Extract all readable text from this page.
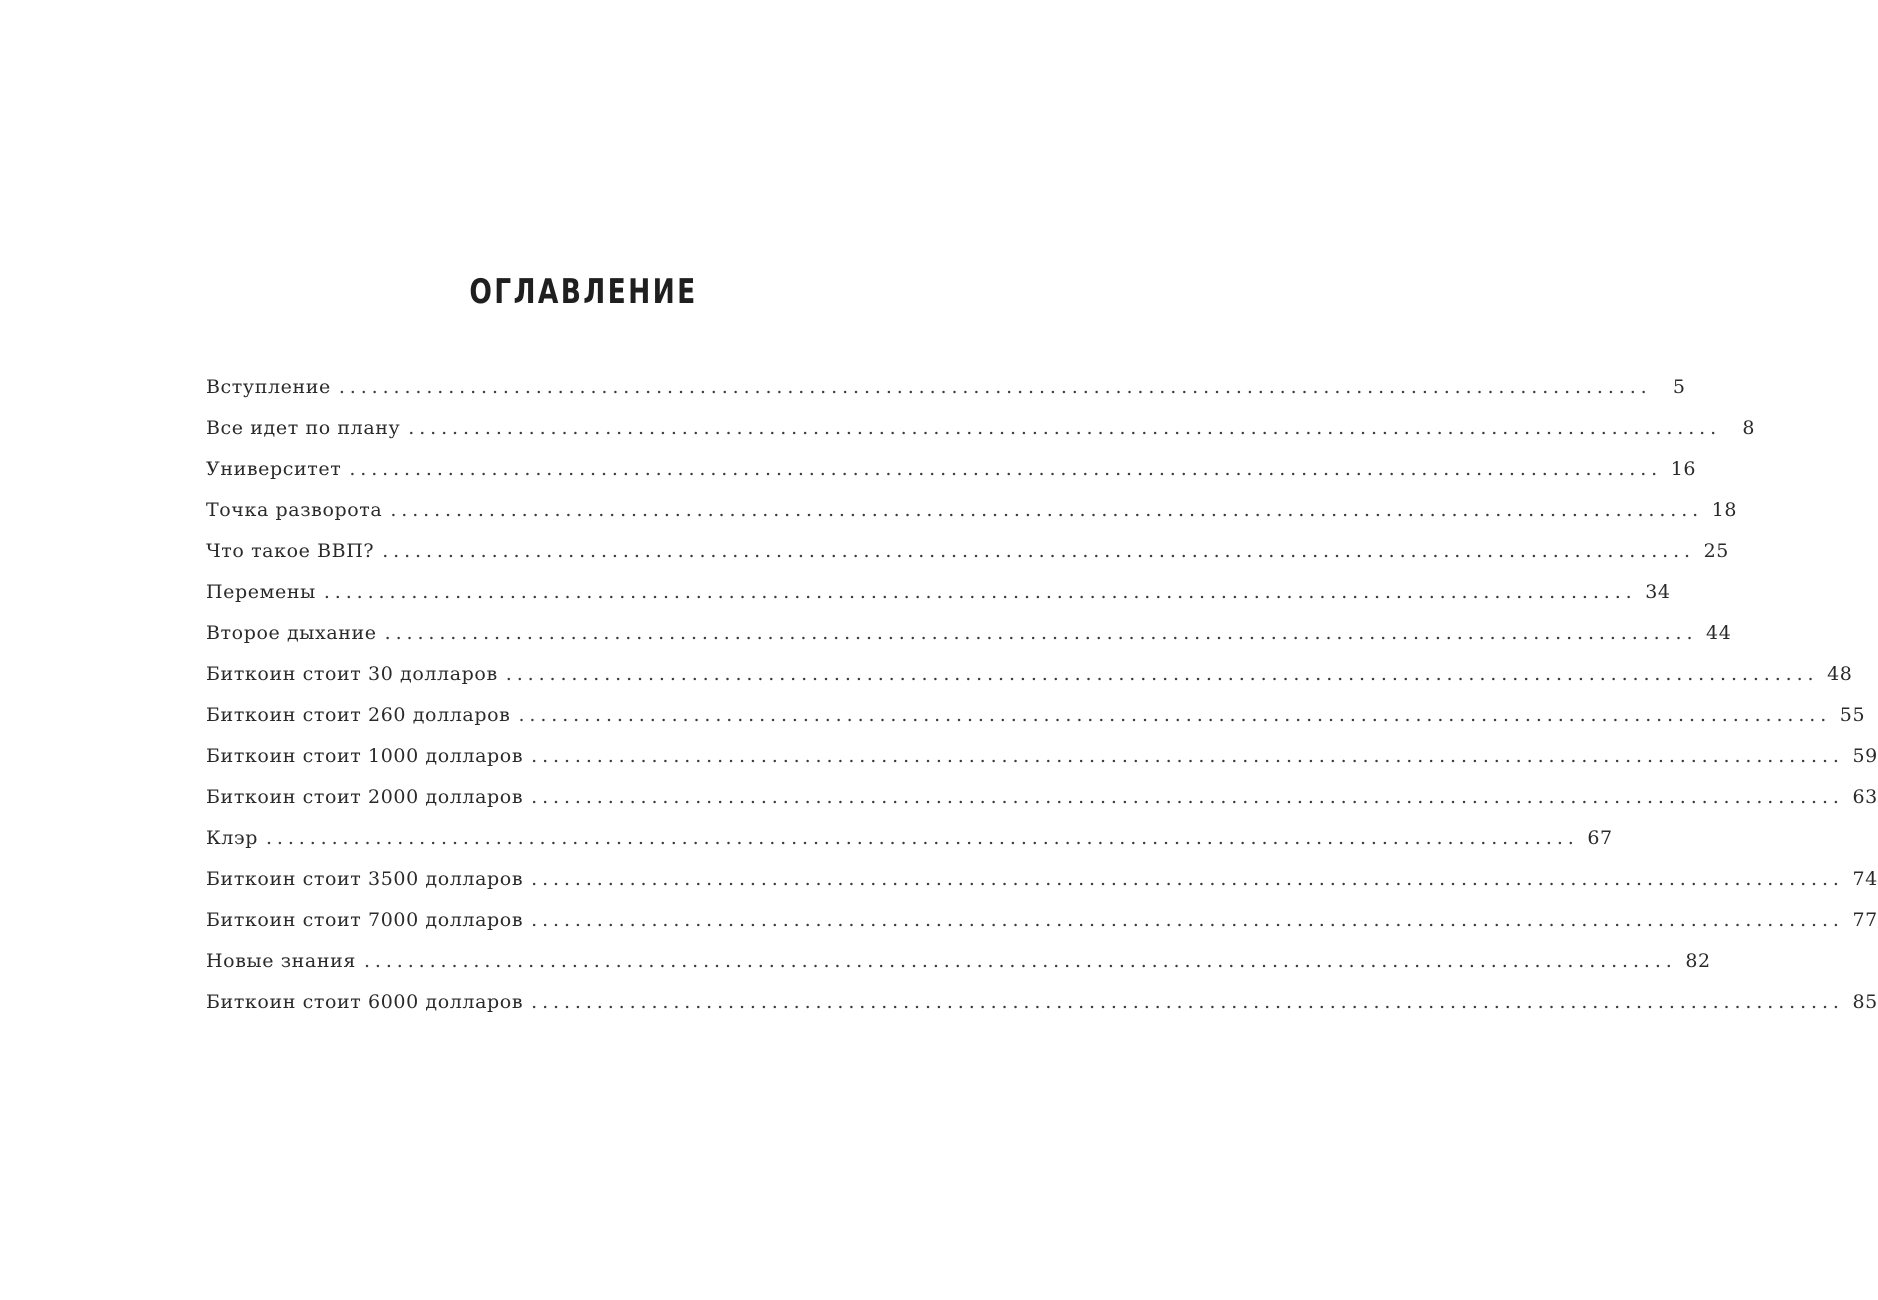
ОГЛАВЛЕНИЕ
Вступление ........................................................................................................................	5
Все идет по плану ........................................................................................................................	8
Университет ........................................................................................................................ 16
Точка разворота ........................................................................................................................ 18
Что такое ВВП? ........................................................................................................................ 25
Перемены ........................................................................................................................ 34
Второе дыхание ........................................................................................................................ 44
Биткоин стоит 30 долларов ........................................................................................................................ 48
Биткоин стоит 260 долларов ........................................................................................................................ 55
Биткоин стоит 1000 долларов ........................................................................................................................ 59
Биткоин стоит 2000 долларов ........................................................................................................................ 63
Клэр ........................................................................................................................ 67
Биткоин стоит 3500 долларов ........................................................................................................................ 74
Биткоин стоит 7000 долларов ........................................................................................................................ 77
Новые знания ........................................................................................................................ 82
Биткоин стоит 6000 долларов ........................................................................................................................ 85
